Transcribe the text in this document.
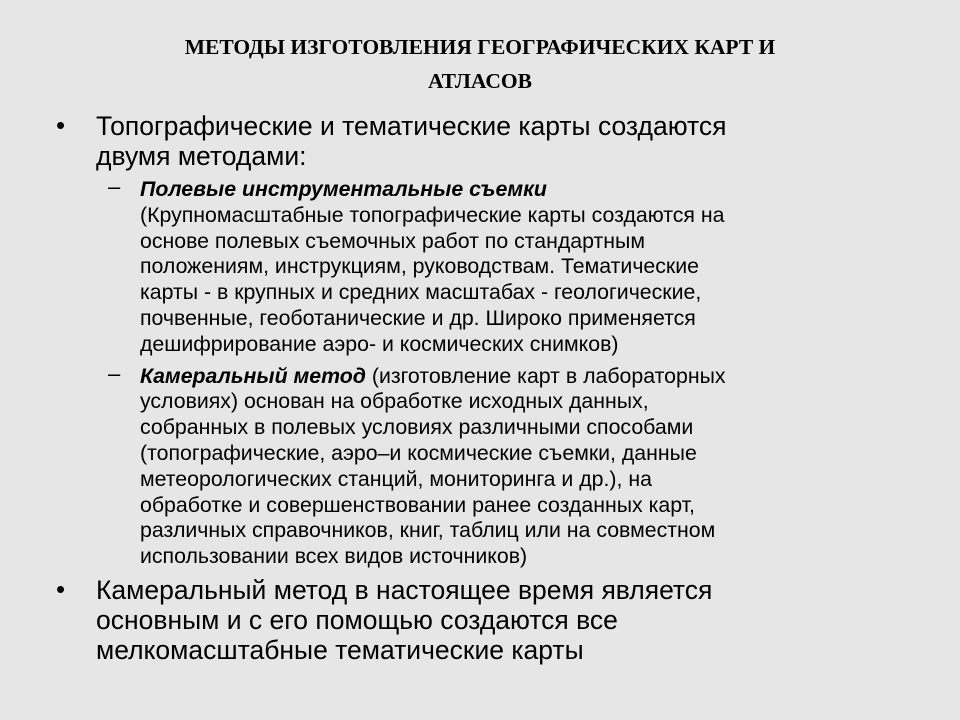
МЕТОДЫ ИЗГОТОВЛЕНИЯ ГЕОГРАФИЧЕСКИХ КАРТ И
АТЛАСОВ
• Топографические и тематические карты создаются
двумя методами:
– Полевые инструментальные съемки
(Крупномасштабные топографические карты создаются на
основе полевых съемочных работ по стандартным
положениям, инструкциям, руководствам. Тематические
карты - в крупных и средних масштабах - геологические,
почвенные, геоботанические и др. Широко применяется
дешифрирование аэро- и космических снимков)
– Камеральный метод (изготовление карт в лабораторных
условиях) основан на обработке исходных данных,
собранных в полевых условиях различными способами
(топографические, аэро–и космические съемки, данные
метеорологических станций, мониторинга и др.), на
обработке и совершенствовании ранее созданных карт,
различных справочников, книг, таблиц или на совместном
использовании всех видов источников)
• Камеральный метод в настоящее время является
основным и с его помощью создаются все
мелкомасштабные тематические карты
